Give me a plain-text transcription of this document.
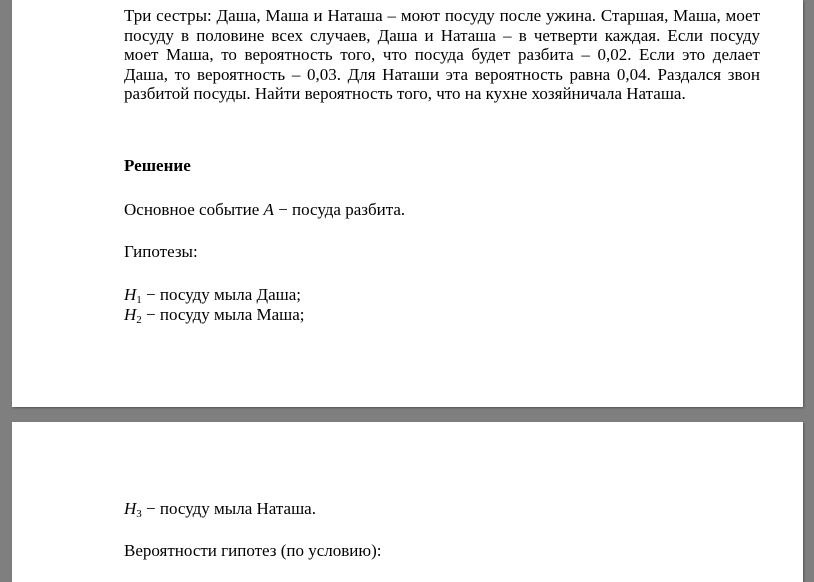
Три сестры: Даша, Маша и Наташа – моют посуду после ужина. Старшая, Маша, моет посуду в половине всех случаев, Даша и Наташа – в четверти каждая. Если посуду моет Маша, то вероятность того, что посуда будет разбита – 0,02. Если это делает Даша, то вероятность – 0,03. Для Наташи эта вероятность равна 0,04. Раздался звон разбитой посуды. Найти вероятность того, что на кухне хозяйничала Наташа.
Решение
Основное событие A − посуда разбита.
Гипотезы:
$H_1$ − посуду мыла Даша;
$H_2$ − посуду мыла Маша;
$H_3$ − посуду мыла Наташа.
Вероятности гипотез (по условию):
